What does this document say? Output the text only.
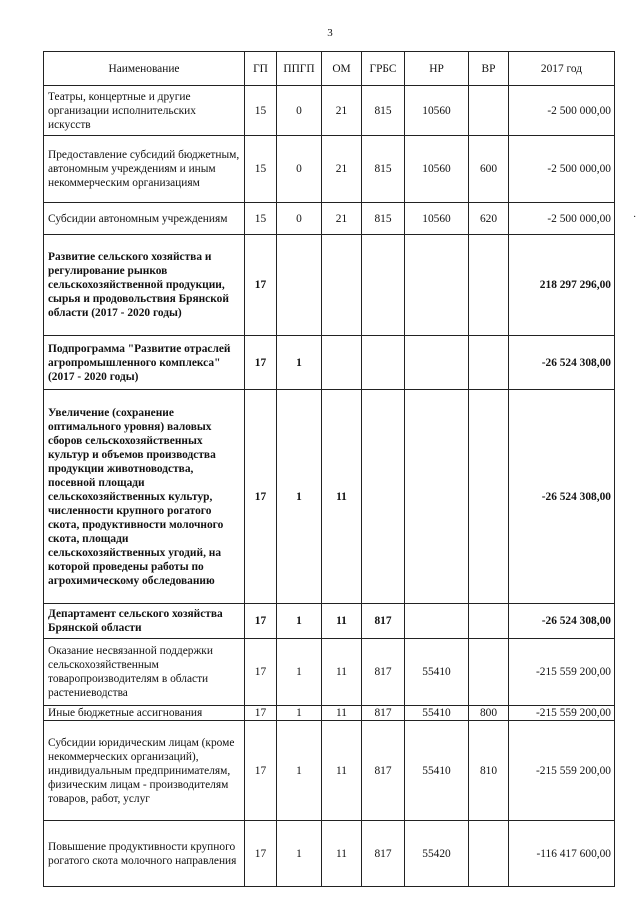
3
·
Наименование	ГП	ППГП	ОМ	ГРБС	НР	ВР	2017 год
Театры, концертные и другие организации исполнительских искусств	15	0	21	815	10560		-2 500 000,00
Предоставление субсидий бюджетным, автономным учреждениям и иным некоммерческим организациям	15	0	21	815	10560	600	-2 500 000,00
Субсидии автономным учреждениям	15	0	21	815	10560	620	-2 500 000,00
Развитие сельского хозяйства и регулирование рынков сельскохозяйственной продукции, сырья и продовольствия Брянской области (2017 - 2020 годы)	17						218 297 296,00
Подпрограмма "Развитие отраслей агропромышленного комплекса" (2017 - 2020 годы)	17	1					-26 524 308,00
Увеличение (сохранение оптимального уровня) валовых сборов сельскохозяйственных культур и объемов производства продукции животноводства, посевной площади сельскохозяйственных культур, численности крупного рогатого скота, продуктивности молочного скота, площади сельскохозяйственных угодий, на которой проведены работы по агрохимическому обследованию	17	1	11				-26 524 308,00
Департамент сельского хозяйства Брянской области	17	1	11	817			-26 524 308,00
Оказание несвязанной поддержки сельскохозяйственным товаропроизводителям в области растениеводства	17	1	11	817	55410		-215 559 200,00
Иные бюджетные ассигнования	17	1	11	817	55410	800	-215 559 200,00
Субсидии юридическим лицам (кроме некоммерческих организаций), индивидуальным предпринимателям, физическим лицам - производителям товаров, работ, услуг	17	1	11	817	55410	810	-215 559 200,00
Повышение продуктивности крупного рогатого скота молочного направления	17	1	11	817	55420		-116 417 600,00
